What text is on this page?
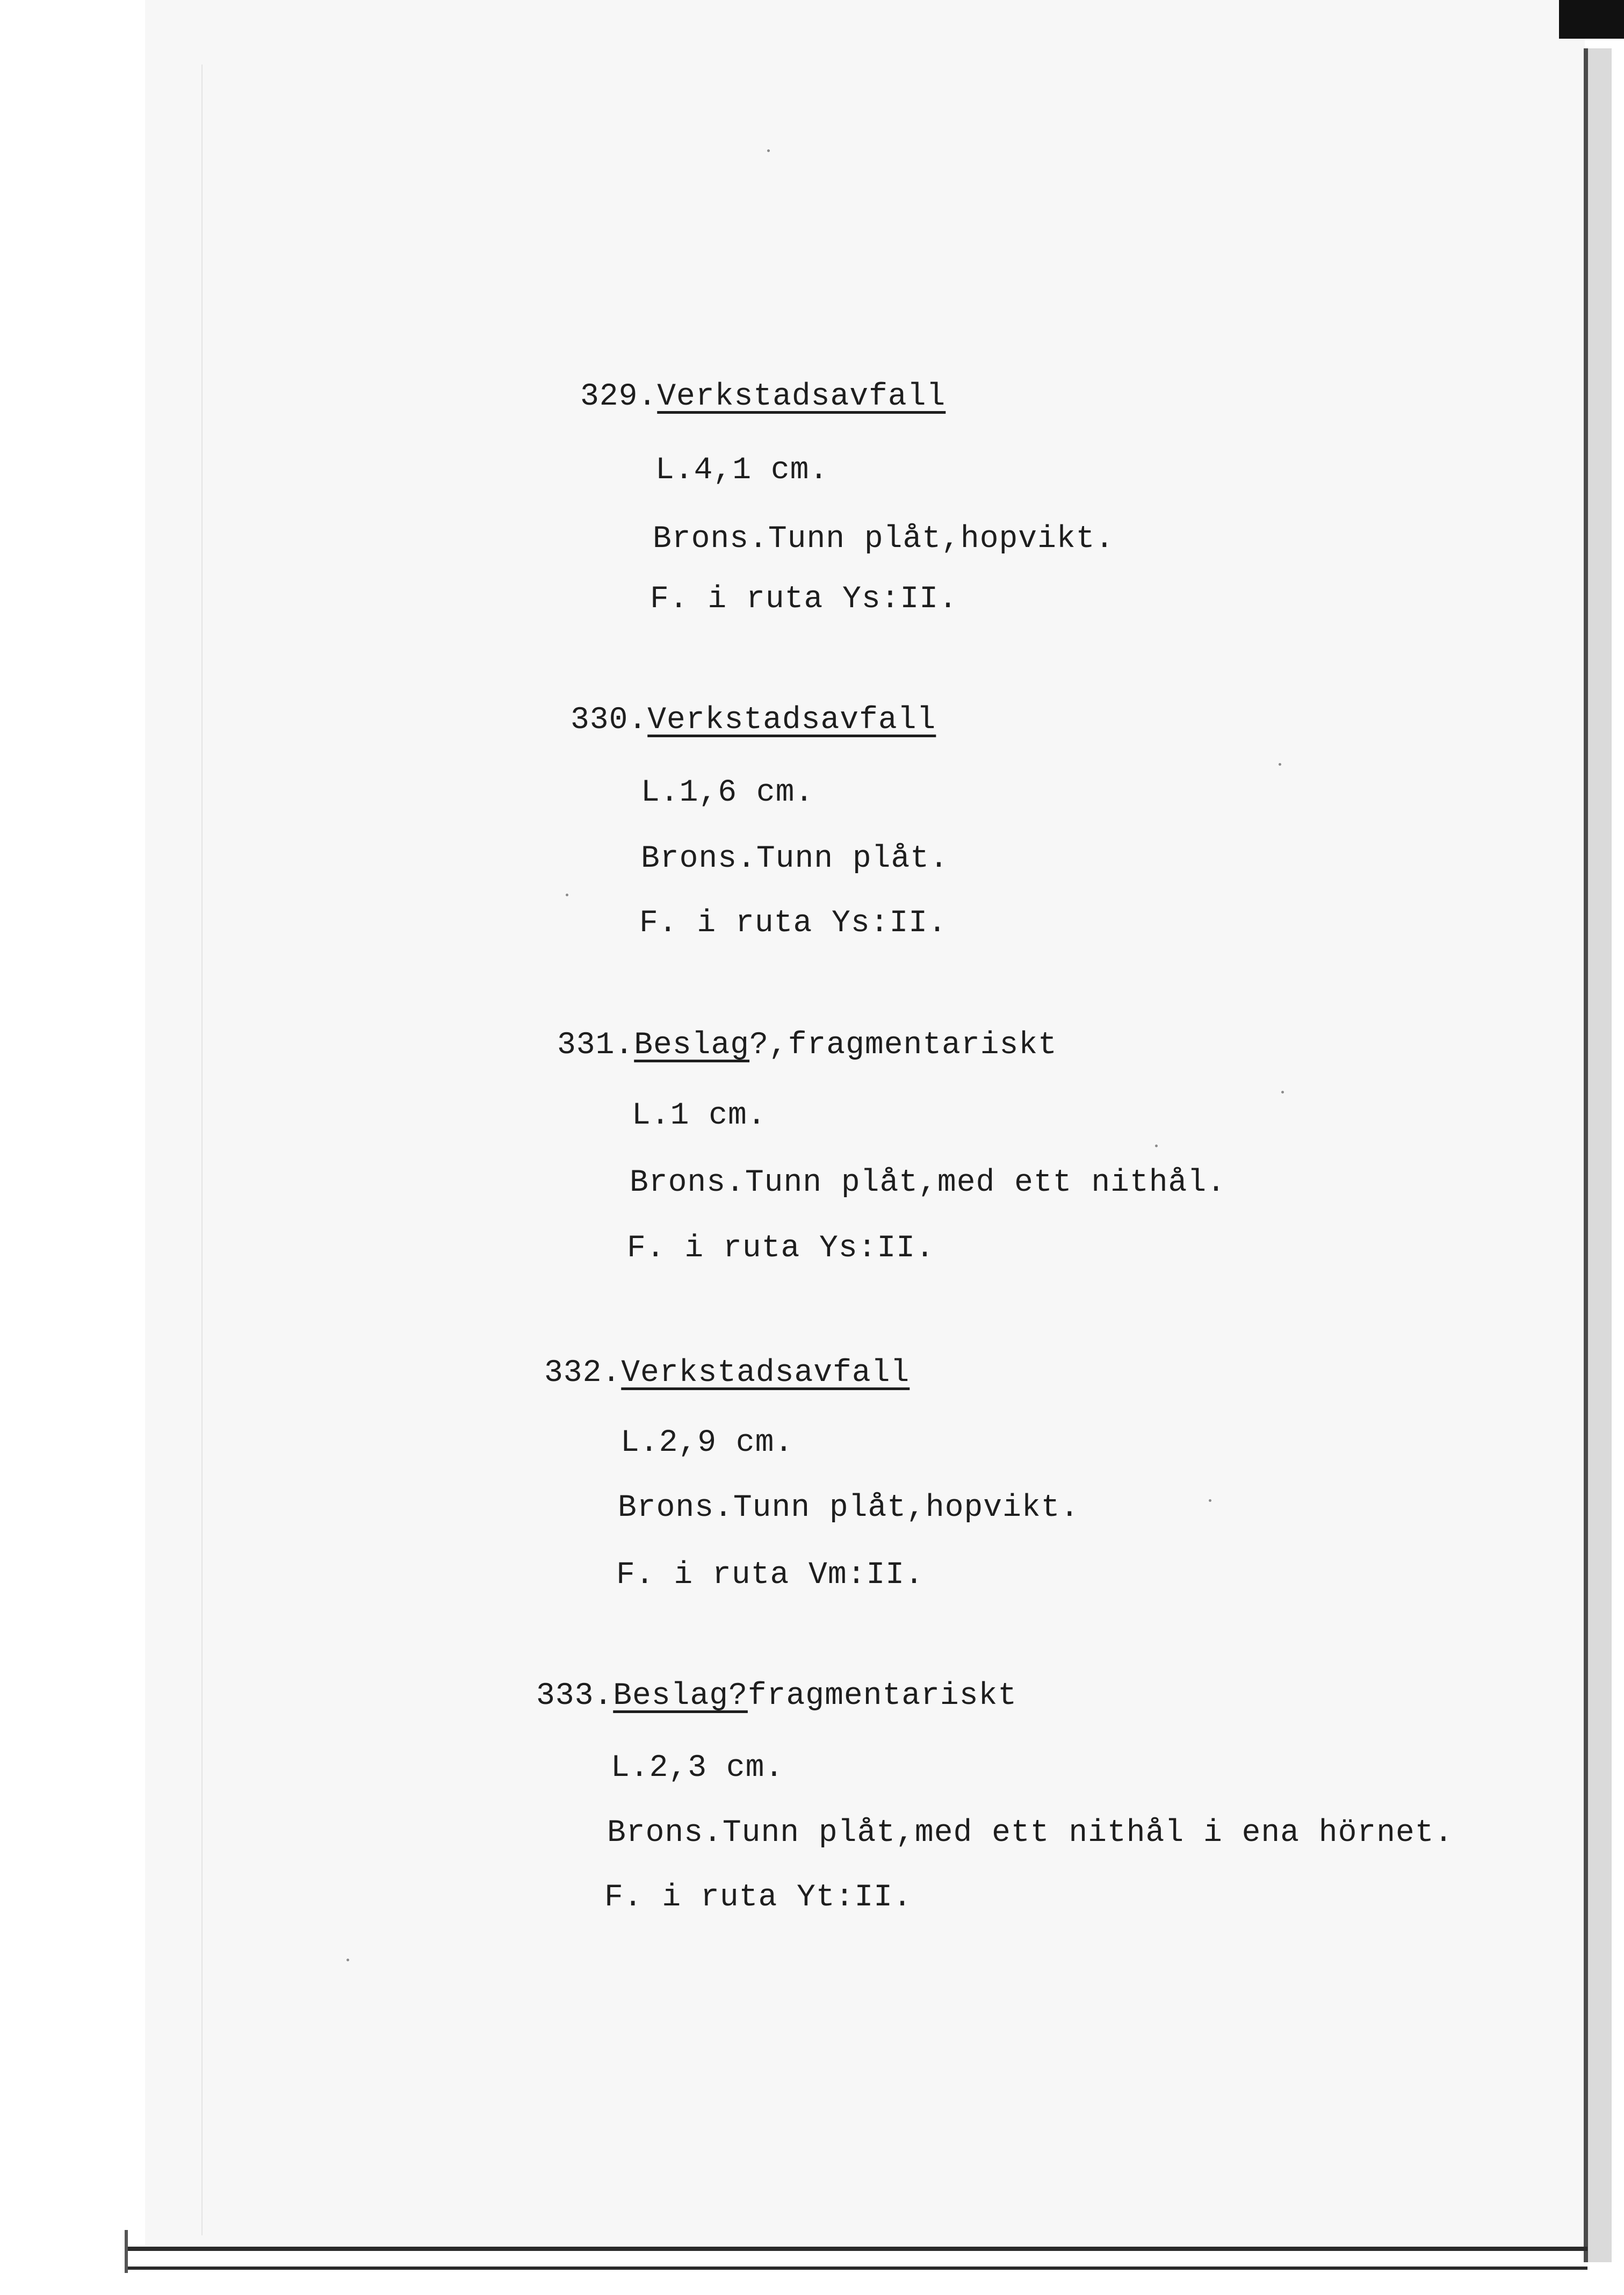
329.Verkstadsavfall
L.4,1 cm.
Brons.Tunn plåt,hopvikt.
F. i ruta Ys:II.
330.Verkstadsavfall
L.1,6 cm.
Brons.Tunn plåt.
F. i ruta Ys:II.
331.Beslag?,fragmentariskt
L.1 cm.
Brons.Tunn plåt,med ett nithål.
F. i ruta Ys:II.
332.Verkstadsavfall
L.2,9 cm.
Brons.Tunn plåt,hopvikt.
F. i ruta Vm:II.
333.Beslag?fragmentariskt
L.2,3 cm.
Brons.Tunn plåt,med ett nithål i ena hörnet.
F. i ruta Yt:II.
